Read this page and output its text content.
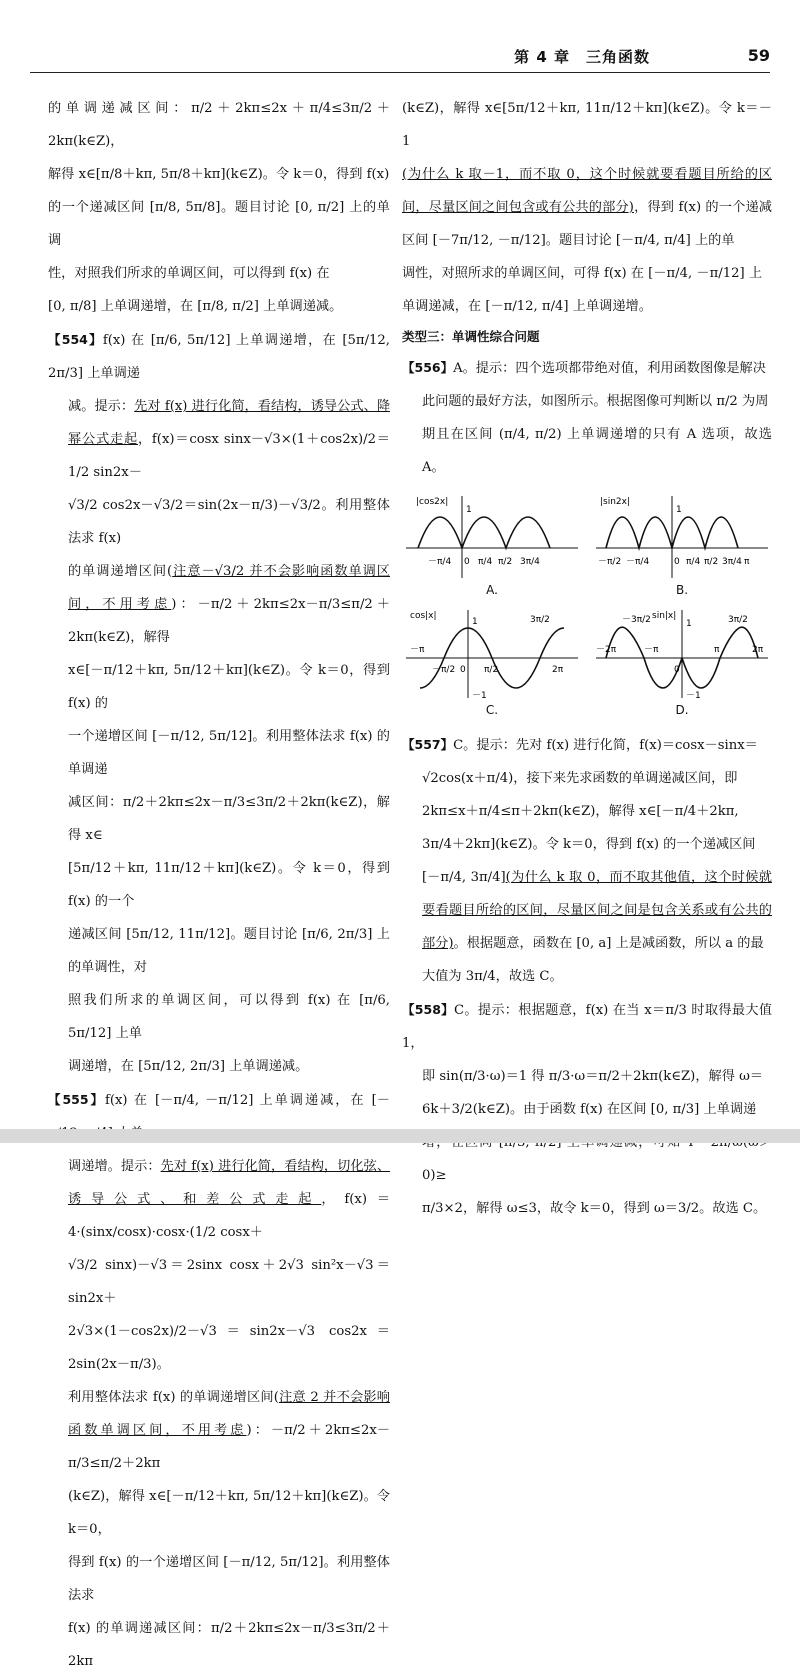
第 4 章　三角函数	59

的单调递减区间：π/2＋2kπ≤2x＋π/4≤3π/2＋2kπ(k∈Z)，

解得 x∈[π/8＋kπ, 5π/8＋kπ](k∈Z)。令 k＝0，得到 f(x)

的一个递减区间 [π/8, 5π/8]。题目讨论 [0, π/2] 上的单调

性，对照我们所求的单调区间，可以得到 f(x) 在

[0, π/8] 上单调递增，在 [π/8, π/2] 上单调递减。

【554】f(x) 在 [π/6, 5π/12] 上单调递增，在 [5π/12, 2π/3] 上单调递

减。提示：先对 f(x) 进行化简，看结构，诱导公式、降幂公式走起，f(x)＝cosx sinx－√3×(1＋cos2x)/2＝1/2 sin2x－

√3/2 cos2x－√3/2＝sin(2x－π/3)－√3/2。利用整体法求 f(x)

的单调递增区间(注意－√3/2 并不会影响函数单调区间，不用考虑)：－π/2＋2kπ≤2x－π/3≤π/2＋2kπ(k∈Z)，解得

x∈[－π/12＋kπ, 5π/12＋kπ](k∈Z)。令 k＝0，得到 f(x) 的

一个递增区间 [－π/12, 5π/12]。利用整体法求 f(x) 的单调递

减区间：π/2＋2kπ≤2x－π/3≤3π/2＋2kπ(k∈Z)，解得 x∈

[5π/12＋kπ, 11π/12＋kπ](k∈Z)。令 k＝0，得到 f(x) 的一个

递减区间 [5π/12, 11π/12]。题目讨论 [π/6, 2π/3] 上的单调性，对

照我们所求的单调区间，可以得到 f(x) 在 [π/6, 5π/12] 上单

调递增，在 [5π/12, 2π/3] 上单调递减。

【555】f(x) 在 [－π/4, －π/12] 上单调递减，在 [－

调递增。提示：先对 f(x) 进行化简，看结构，切化弦、诱导公式、和差公式走起，f(x)＝4·(sinx/cosx)·cosx·(1/2 cosx＋

√3/2 sinx)－√3＝2sinx cosx＋2√3 sin²x－√3＝sin2x＋

2√3×(1－cos2x)/2－√3＝sin2x－√3 cos2x＝2sin(2x－π/3)。

利用整体法求 f(x) 的单调递增区间(注意 2 并不会影响函数单调区间，不用考虑)：－π/2＋2kπ≤2x－π/3≤π/2＋2kπ

(k∈Z)，解得 x∈[－π/12＋kπ, 5π/12＋kπ](k∈Z)。令 k＝0，

得到 f(x) 的一个递增区间 [－π/12, 5π/12]。利用整体法求

f(x) 的单调递减区间：π/2＋2kπ≤2x－π/3≤3π/2＋2kπ

(k∈Z)，解得 x∈[5π/12＋kπ, 11π/12＋kπ](k∈Z)。令 k＝－1

(为什么 k 取－1，而不取 0，这个时候就要看题目所给的区间，尽量区间之间包含或有公共的部分)，得到 f(x) 的一个递减区间 [－7π/12, －π/12]。题目讨论 [－π/4, π/4] 上的单

调性，对照所求的单调区间，可得 f(x) 在 [－π/4, －π/12] 上

单调递减，在 [－π/12, π/4] 上单调递增。

类型三：单调性综合问题

【556】A。提示：四个选项都带绝对值，利用函数图像是解决

此问题的最好方法，如图所示。根据图像可判断以 π/2 为周

期且在区间 (π/4, π/2) 上单调递增的只有 A 选项，故选 A。

|cos2x|
1
－π/4 0 π/4 π/2 3π/4
A.
|sin2x|
1
－π/2 －π/4	0 π/4 π/2 3π/4 π
B.
cos|x|
1
－1
－π
－π/2 0 π/2
3π/2
2π
C.
sin|x|
1
－1
－2π
－3π/2
－π
0
π
3π/2
2π
D.

【557】C。提示：先对 f(x) 进行化简，f(x)＝cosx－sinx＝

√2cos(x＋π/4)，接下来先求函数的单调递减区间，即

2kπ≤x＋π/4≤π＋2kπ(k∈Z)，解得 x∈[－π/4＋2kπ,

3π/4＋2kπ](k∈Z)。令 k＝0，得到 f(x) 的一个递减区间

[－π/4, 3π/4](为什么 k 取 0，而不取其他值，这个时候就要看题目所给的区间，尽量区间之间是包含关系或有公共的部分)。根据题意，函数在 [0, a] 上是减函数，所以 a 的最

大值为 3π/4，故选 C。

【558】C。提示：根据题意，f(x) 在当 x＝π/3 时取得最大值 1，

即 sin(π/3·ω)＝1 得 π/3·ω＝π/2＋2kπ(k∈Z)，解得 ω＝

6k＋3/2(k∈Z)。由于函数 f(x) 在区间 [0, π/3] 上单调递

0)≥

π/3×2，解得 ω≤3，故令 k＝0，得到 ω＝3/2。故选 C。
